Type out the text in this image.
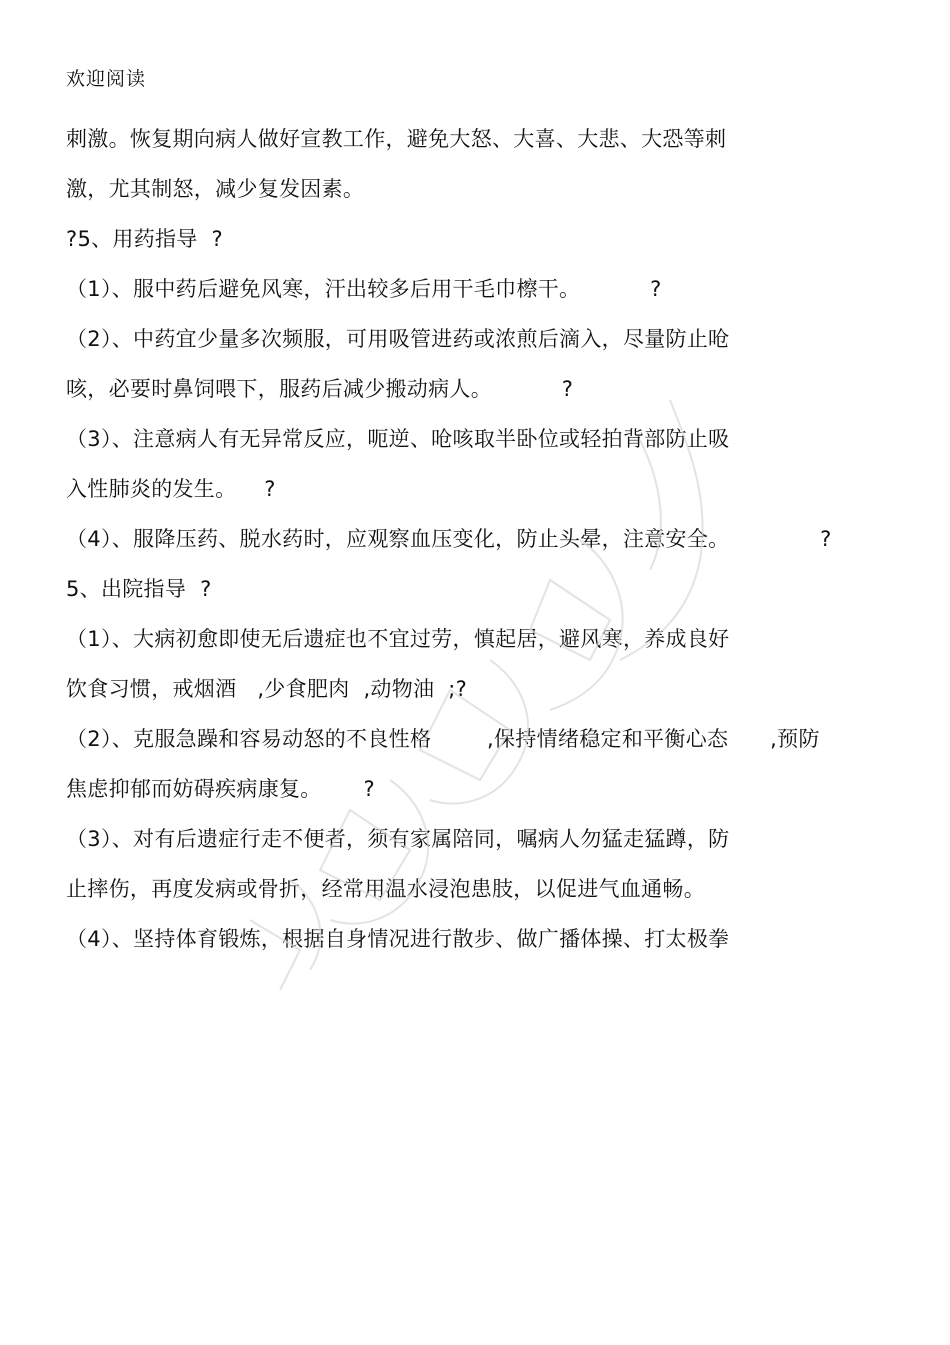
欢迎阅读
刺激。恢复期向病人做好宣教工作，避免大怒、大喜、大悲、大恐等刺
激，尤其制怒，减少复发因素。
?5、用药指导  ?
（1）、服中药后避免风寒，汗出较多后用干毛巾檫干。          ?
（2）、中药宜少量多次频服，可用吸管进药或浓煎后滴入，尽量防止呛
咳，必要时鼻饲喂下，服药后减少搬动病人。          ?
（3）、注意病人有无异常反应，呃逆、呛咳取半卧位或轻拍背部防止吸
入性肺炎的发生。    ?
（4）、服降压药、脱水药时，应观察血压变化，防止头晕，注意安全。             ?
5、出院指导  ?
（1）、大病初愈即使无后遗症也不宜过劳，慎起居，避风寒，养成良好
饮食习惯，戒烟酒   ,少食肥肉  ,动物油  ;?
（2）、克服急躁和容易动怒的不良性格        ,保持情绪稳定和平衡心态      ,预防
焦虑抑郁而妨碍疾病康复。      ?
（3）、对有后遗症行走不便者，须有家属陪同，嘱病人勿猛走猛蹲，防
止摔伤，再度发病或骨折，经常用温水浸泡患肢，以促进气血通畅。
（4）、坚持体育锻炼，根据自身情况进行散步、做广播体操、打太极拳
